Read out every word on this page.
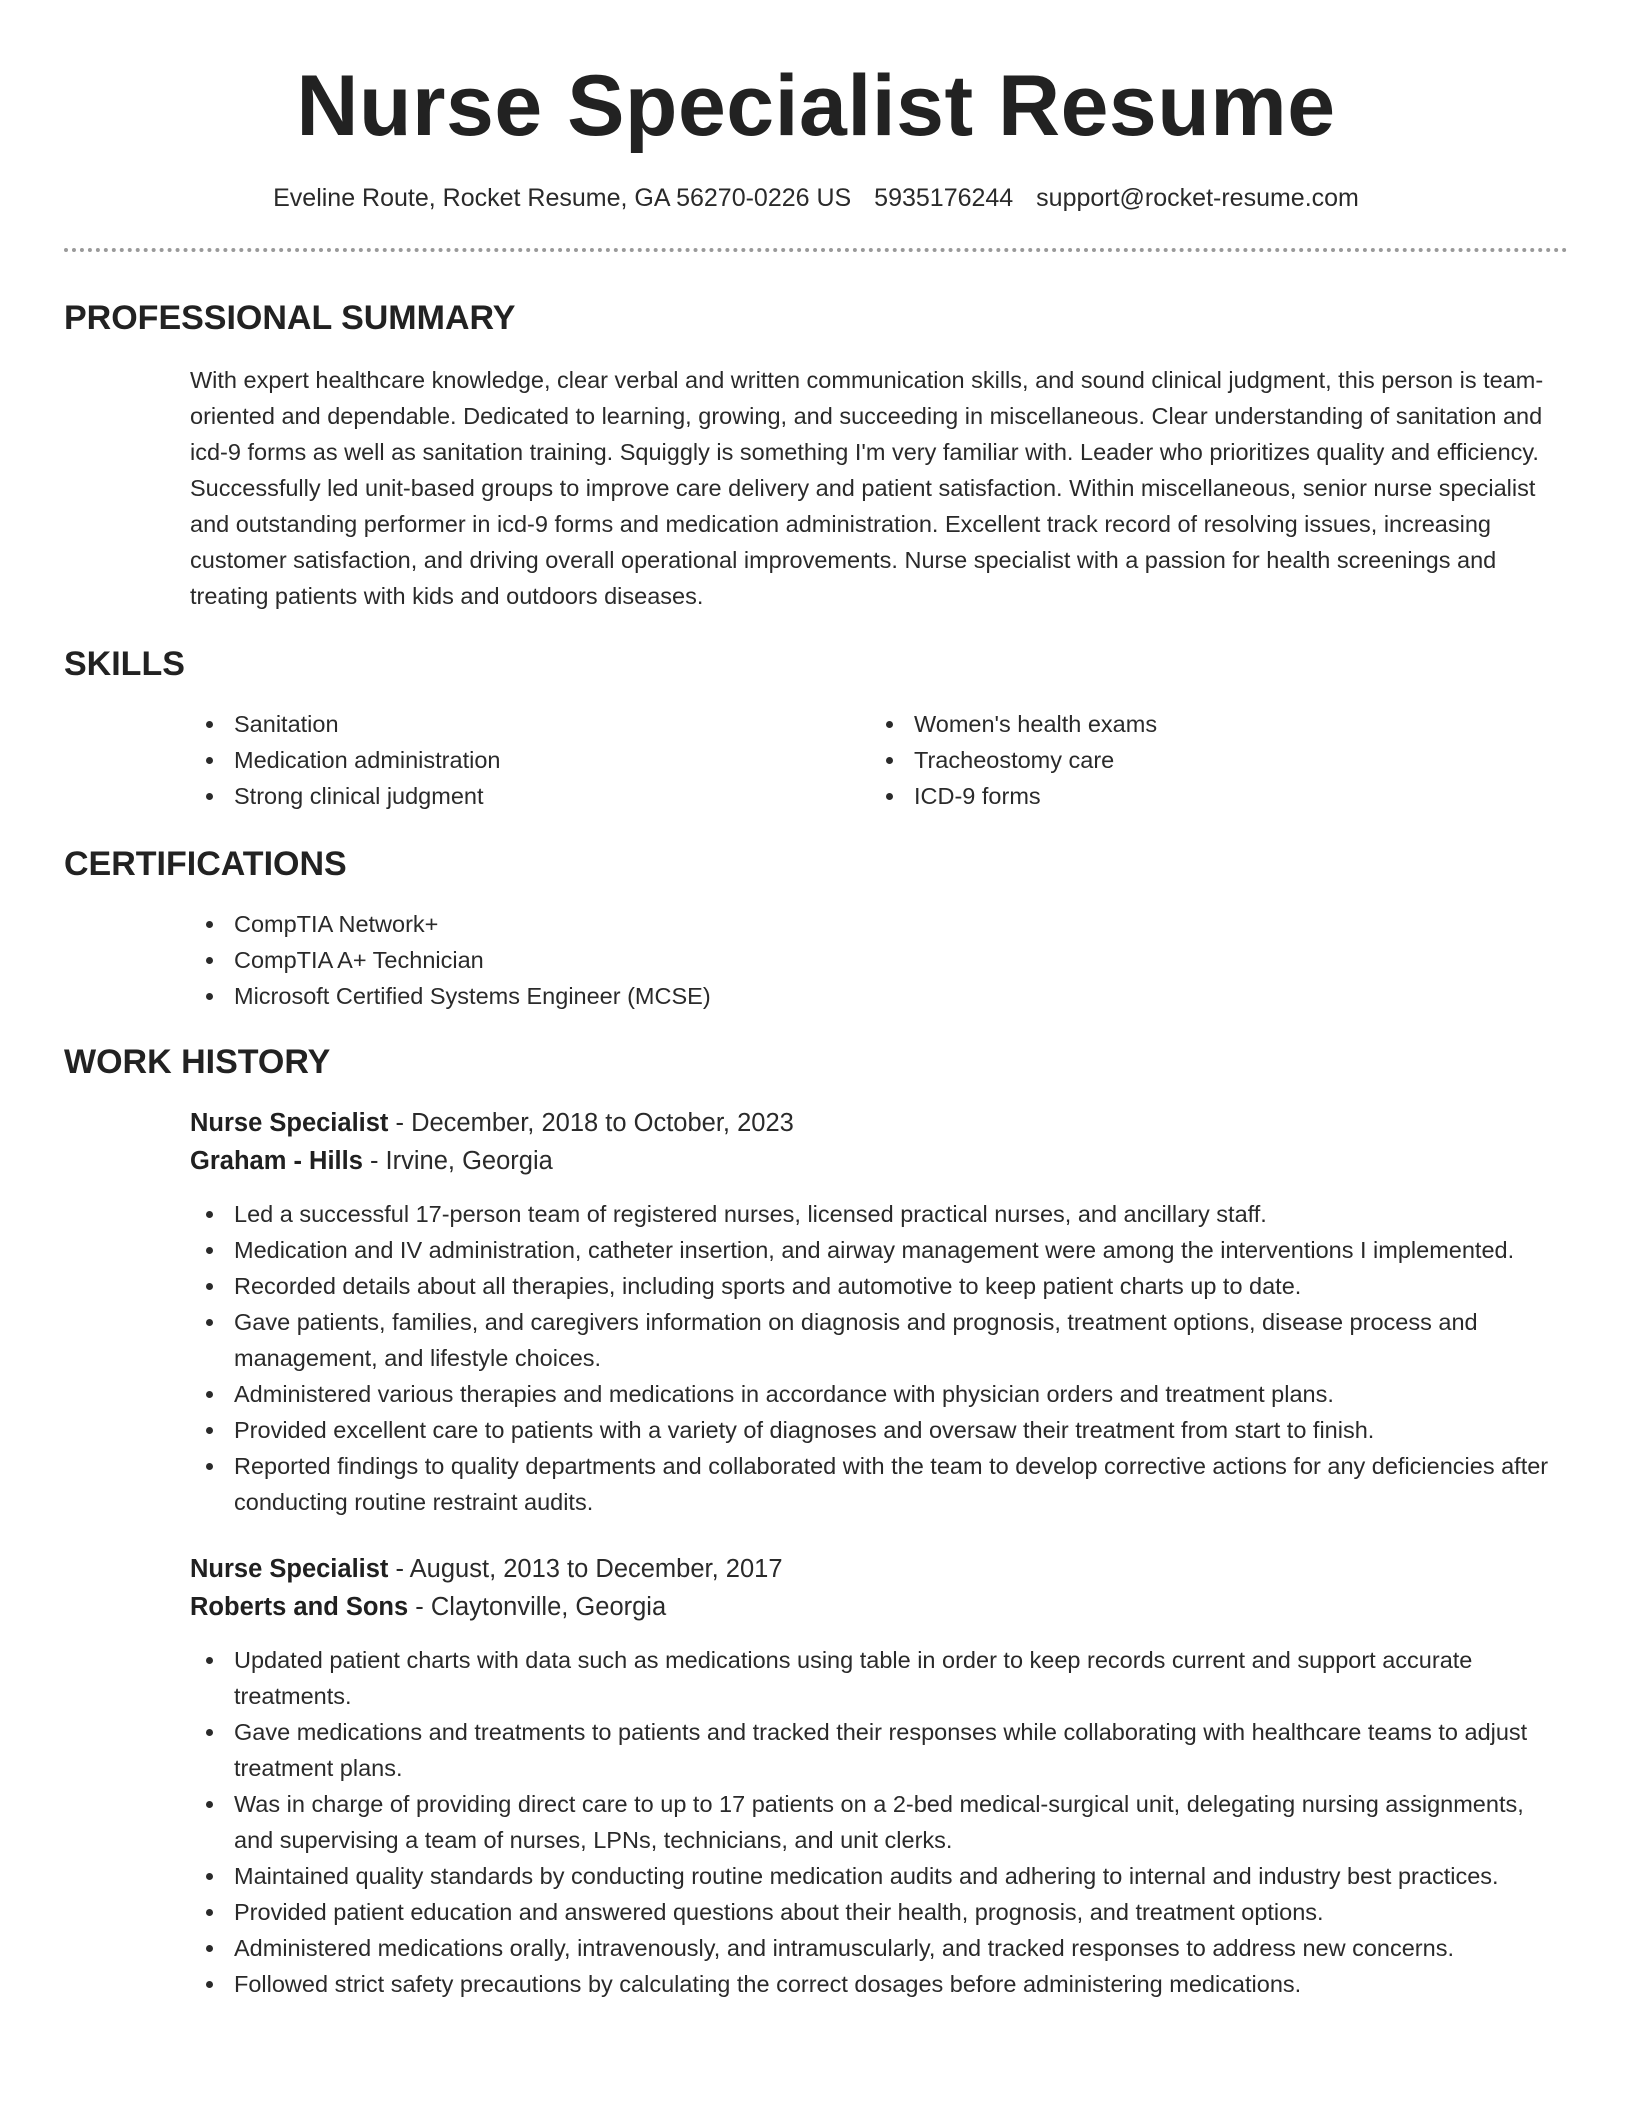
Nurse Specialist Resume
Eveline Route, Rocket Resume, GA 56270-0226 US 5935176244 support@rocket-resume.com
PROFESSIONAL SUMMARY
With expert healthcare knowledge, clear verbal and written communication skills, and sound clinical judgment, this person is team-oriented and dependable. Dedicated to learning, growing, and succeeding in miscellaneous. Clear understanding of sanitation and icd-9 forms as well as sanitation training. Squiggly is something I'm very familiar with. Leader who prioritizes quality and efficiency. Successfully led unit-based groups to improve care delivery and patient satisfaction. Within miscellaneous, senior nurse specialist and outstanding performer in icd-9 forms and medication administration. Excellent track record of resolving issues, increasing customer satisfaction, and driving overall operational improvements. Nurse specialist with a passion for health screenings and treating patients with kids and outdoors diseases.
SKILLS
Sanitation
Medication administration
Strong clinical judgment
Women's health exams
Tracheostomy care
ICD-9 forms
CERTIFICATIONS
CompTIA Network+
CompTIA A+ Technician
Microsoft Certified Systems Engineer (MCSE)
WORK HISTORY
Nurse Specialist - December, 2018 to October, 2023
Graham - Hills - Irvine, Georgia
Led a successful 17-person team of registered nurses, licensed practical nurses, and ancillary staff.
Medication and IV administration, catheter insertion, and airway management were among the interventions I implemented.
Recorded details about all therapies, including sports and automotive to keep patient charts up to date.
Gave patients, families, and caregivers information on diagnosis and prognosis, treatment options, disease process and management, and lifestyle choices.
Administered various therapies and medications in accordance with physician orders and treatment plans.
Provided excellent care to patients with a variety of diagnoses and oversaw their treatment from start to finish.
Reported findings to quality departments and collaborated with the team to develop corrective actions for any deficiencies after conducting routine restraint audits.
Nurse Specialist - August, 2013 to December, 2017
Roberts and Sons - Claytonville, Georgia
Updated patient charts with data such as medications using table in order to keep records current and support accurate treatments.
Gave medications and treatments to patients and tracked their responses while collaborating with healthcare teams to adjust treatment plans.
Was in charge of providing direct care to up to 17 patients on a 2-bed medical-surgical unit, delegating nursing assignments, and supervising a team of nurses, LPNs, technicians, and unit clerks.
Maintained quality standards by conducting routine medication audits and adhering to internal and industry best practices.
Provided patient education and answered questions about their health, prognosis, and treatment options.
Administered medications orally, intravenously, and intramuscularly, and tracked responses to address new concerns.
Followed strict safety precautions by calculating the correct dosages before administering medications.
